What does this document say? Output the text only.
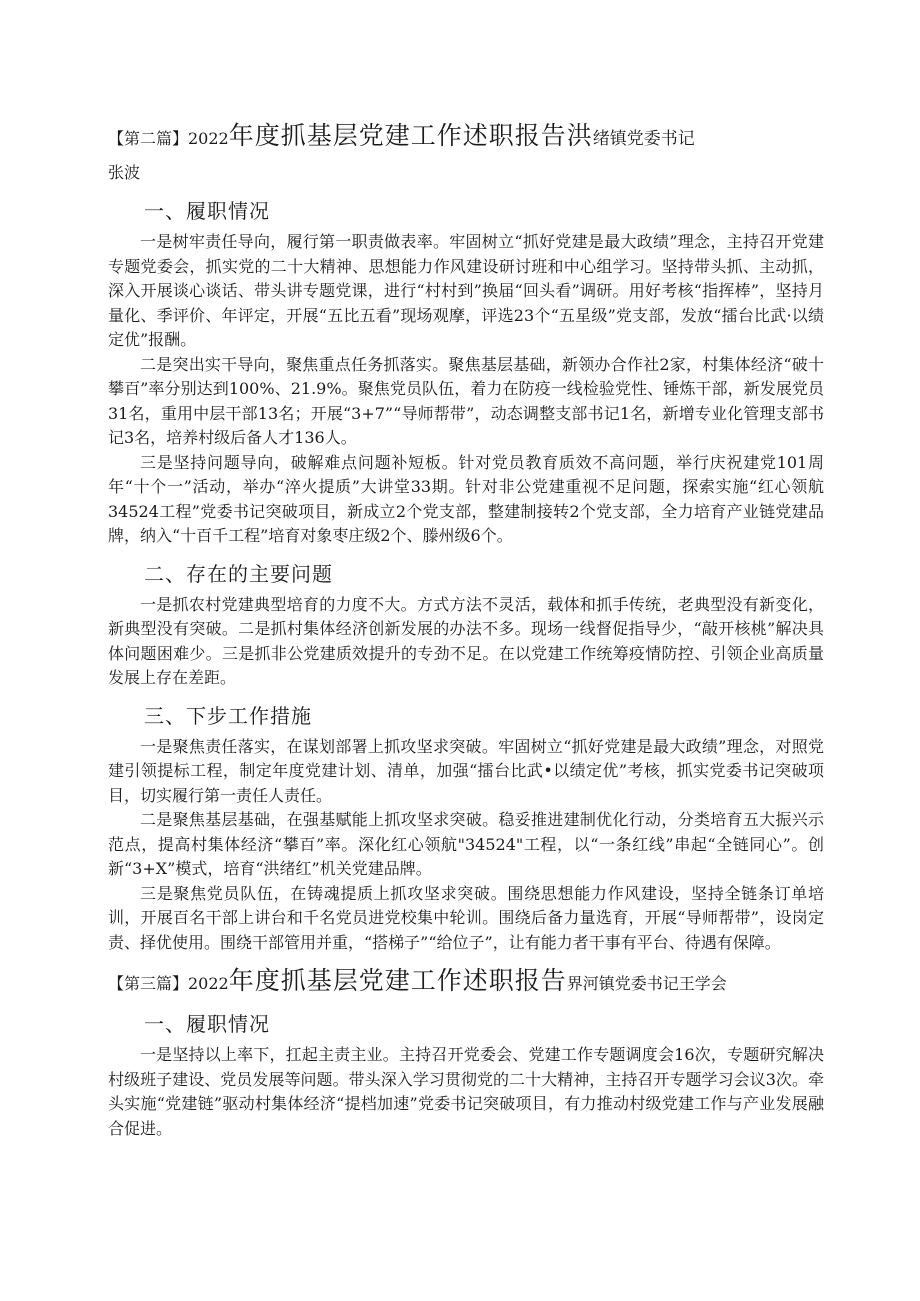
【第二篇】2022年度抓基层党建工作述职报告洪绪镇党委书记

张波

一、履职情况

一是树牢责任导向，履行第一职责做表率。牢固树立“抓好党建是最大政绩”理念，主持召开党建专题党委会，抓实党的二十大精神、思想能力作风建设研讨班和中心组学习。坚持带头抓、主动抓，深入开展谈心谈话、带头讲专题党课，进行“村村到”换届“回头看”调研。用好考核“指挥棒”，坚持月量化、季评价、年评定，开展“五比五看”现场观摩，评选23个“五星级”党支部，发放“擂台比武·以绩定优”报酬。

二是突出实干导向，聚焦重点任务抓落实。聚焦基层基础，新领办合作社2家，村集体经济“破十攀百”率分别达到100%、21.9%。聚焦党员队伍，着力在防疫一线检验党性、锤炼干部，新发展党员31名，重用中层干部13名；开展“3+7”“导师帮带”，动态调整支部书记1名，新增专业化管理支部书记3名，培养村级后备人才136人。

三是坚持问题导向，破解难点问题补短板。针对党员教育质效不高问题，举行庆祝建党101周年“十个一”活动，举办“淬火提质”大讲堂33期。针对非公党建重视不足问题，探索实施“红心领航34524工程”党委书记突破项目，新成立2个党支部，整建制接转2个党支部，全力培育产业链党建品牌，纳入“十百千工程”培育对象枣庄级2个、滕州级6个。

二、存在的主要问题

一是抓农村党建典型培育的力度不大。方式方法不灵活，载体和抓手传统，老典型没有新变化，新典型没有突破。二是抓村集体经济创新发展的办法不多。现场一线督促指导少，“敲开核桃”解决具体问题困难少。三是抓非公党建质效提升的专劲不足。在以党建工作统筹疫情防控、引领企业高质量发展上存在差距。

三、下步工作措施

一是聚焦责任落实，在谋划部署上抓攻坚求突破。牢固树立“抓好党建是最大政绩”理念，对照党建引领提标工程，制定年度党建计划、清单，加强“擂台比武•以绩定优”考核，抓实党委书记突破项目，切实履行第一责任人责任。

二是聚焦基层基础，在强基赋能上抓攻坚求突破。稳妥推进建制优化行动，分类培育五大振兴示范点，提高村集体经济“攀百”率。深化红心领航"34524"工程，以“一条红线”串起“全链同心”。创新“3+X”模式，培育“洪绪红”机关党建品牌。

三是聚焦党员队伍，在铸魂提质上抓攻坚求突破。围绕思想能力作风建设，坚持全链条订单培训，开展百名干部上讲台和千名党员进党校集中轮训。围绕后备力量选育，开展“导师帮带”，设岗定责、择优使用。围绕干部管用并重，“搭梯子”“给位子”，让有能力者干事有平台、待遇有保障。

【第三篇】2022年度抓基层党建工作述职报告界河镇党委书记王学会
一、履职情况

一是坚持以上率下，扛起主责主业。主持召开党委会、党建工作专题调度会16次，专题研究解决村级班子建设、党员发展等问题。带头深入学习贯彻党的二十大精神，主持召开专题学习会议3次。牵头实施“党建链”驱动村集体经济“提档加速”党委书记突破项目，有力推动村级党建工作与产业发展融合促进。
